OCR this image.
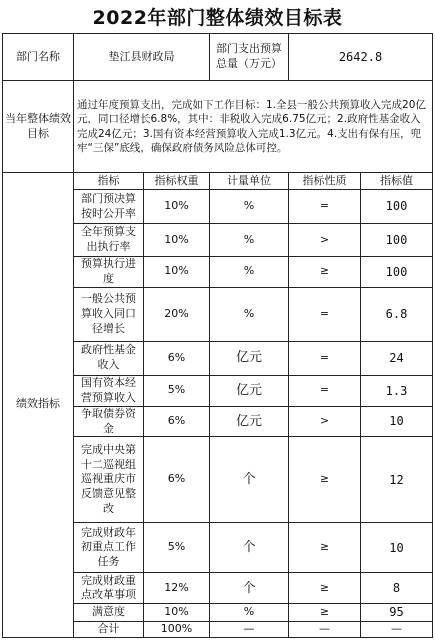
2022年部门整体绩效目标表
部门名称	垫江县财政局		部门支出预算总量（万元）	2642.8	
当年整体绩效目标	通过年度预算支出，完成如下工作目标：1.全县一般公共预算收入完成20亿元，同口径增长6.8%，其中：非税收入完成6.75亿元；2.政府性基金收入完成24亿元；3.国有资本经营预算收入完成1.3亿元。4.支出有保有压，兜牢“三保”底线，确保政府债务风险总体可控。				
绩效指标	指标	指标权重	计量单位	指标性质	指标值
	部门预决算按时公开率	10%	%	=	100
	全年预算支出执行率	10%	%	>	100
	预算执行进度	10%	%	≥	100
	一般公共预算收入同口径增长	20%	%	=	6.8
	政府性基金收入	6%	亿元	=	24
	国有资本经营预算收入	5%	亿元	=	1.3
	争取债券资金	6%	亿元	>	10
	完成中央第十二巡视组巡视重庆市反馈意见整改	6%	个	≥	12
	完成财政年初重点工作任务	5%	个	≥	10
	完成财政重点改革事项	12%	个	≥	8
	满意度	10%	%	≥	95
	合计	100%	—	—	—
